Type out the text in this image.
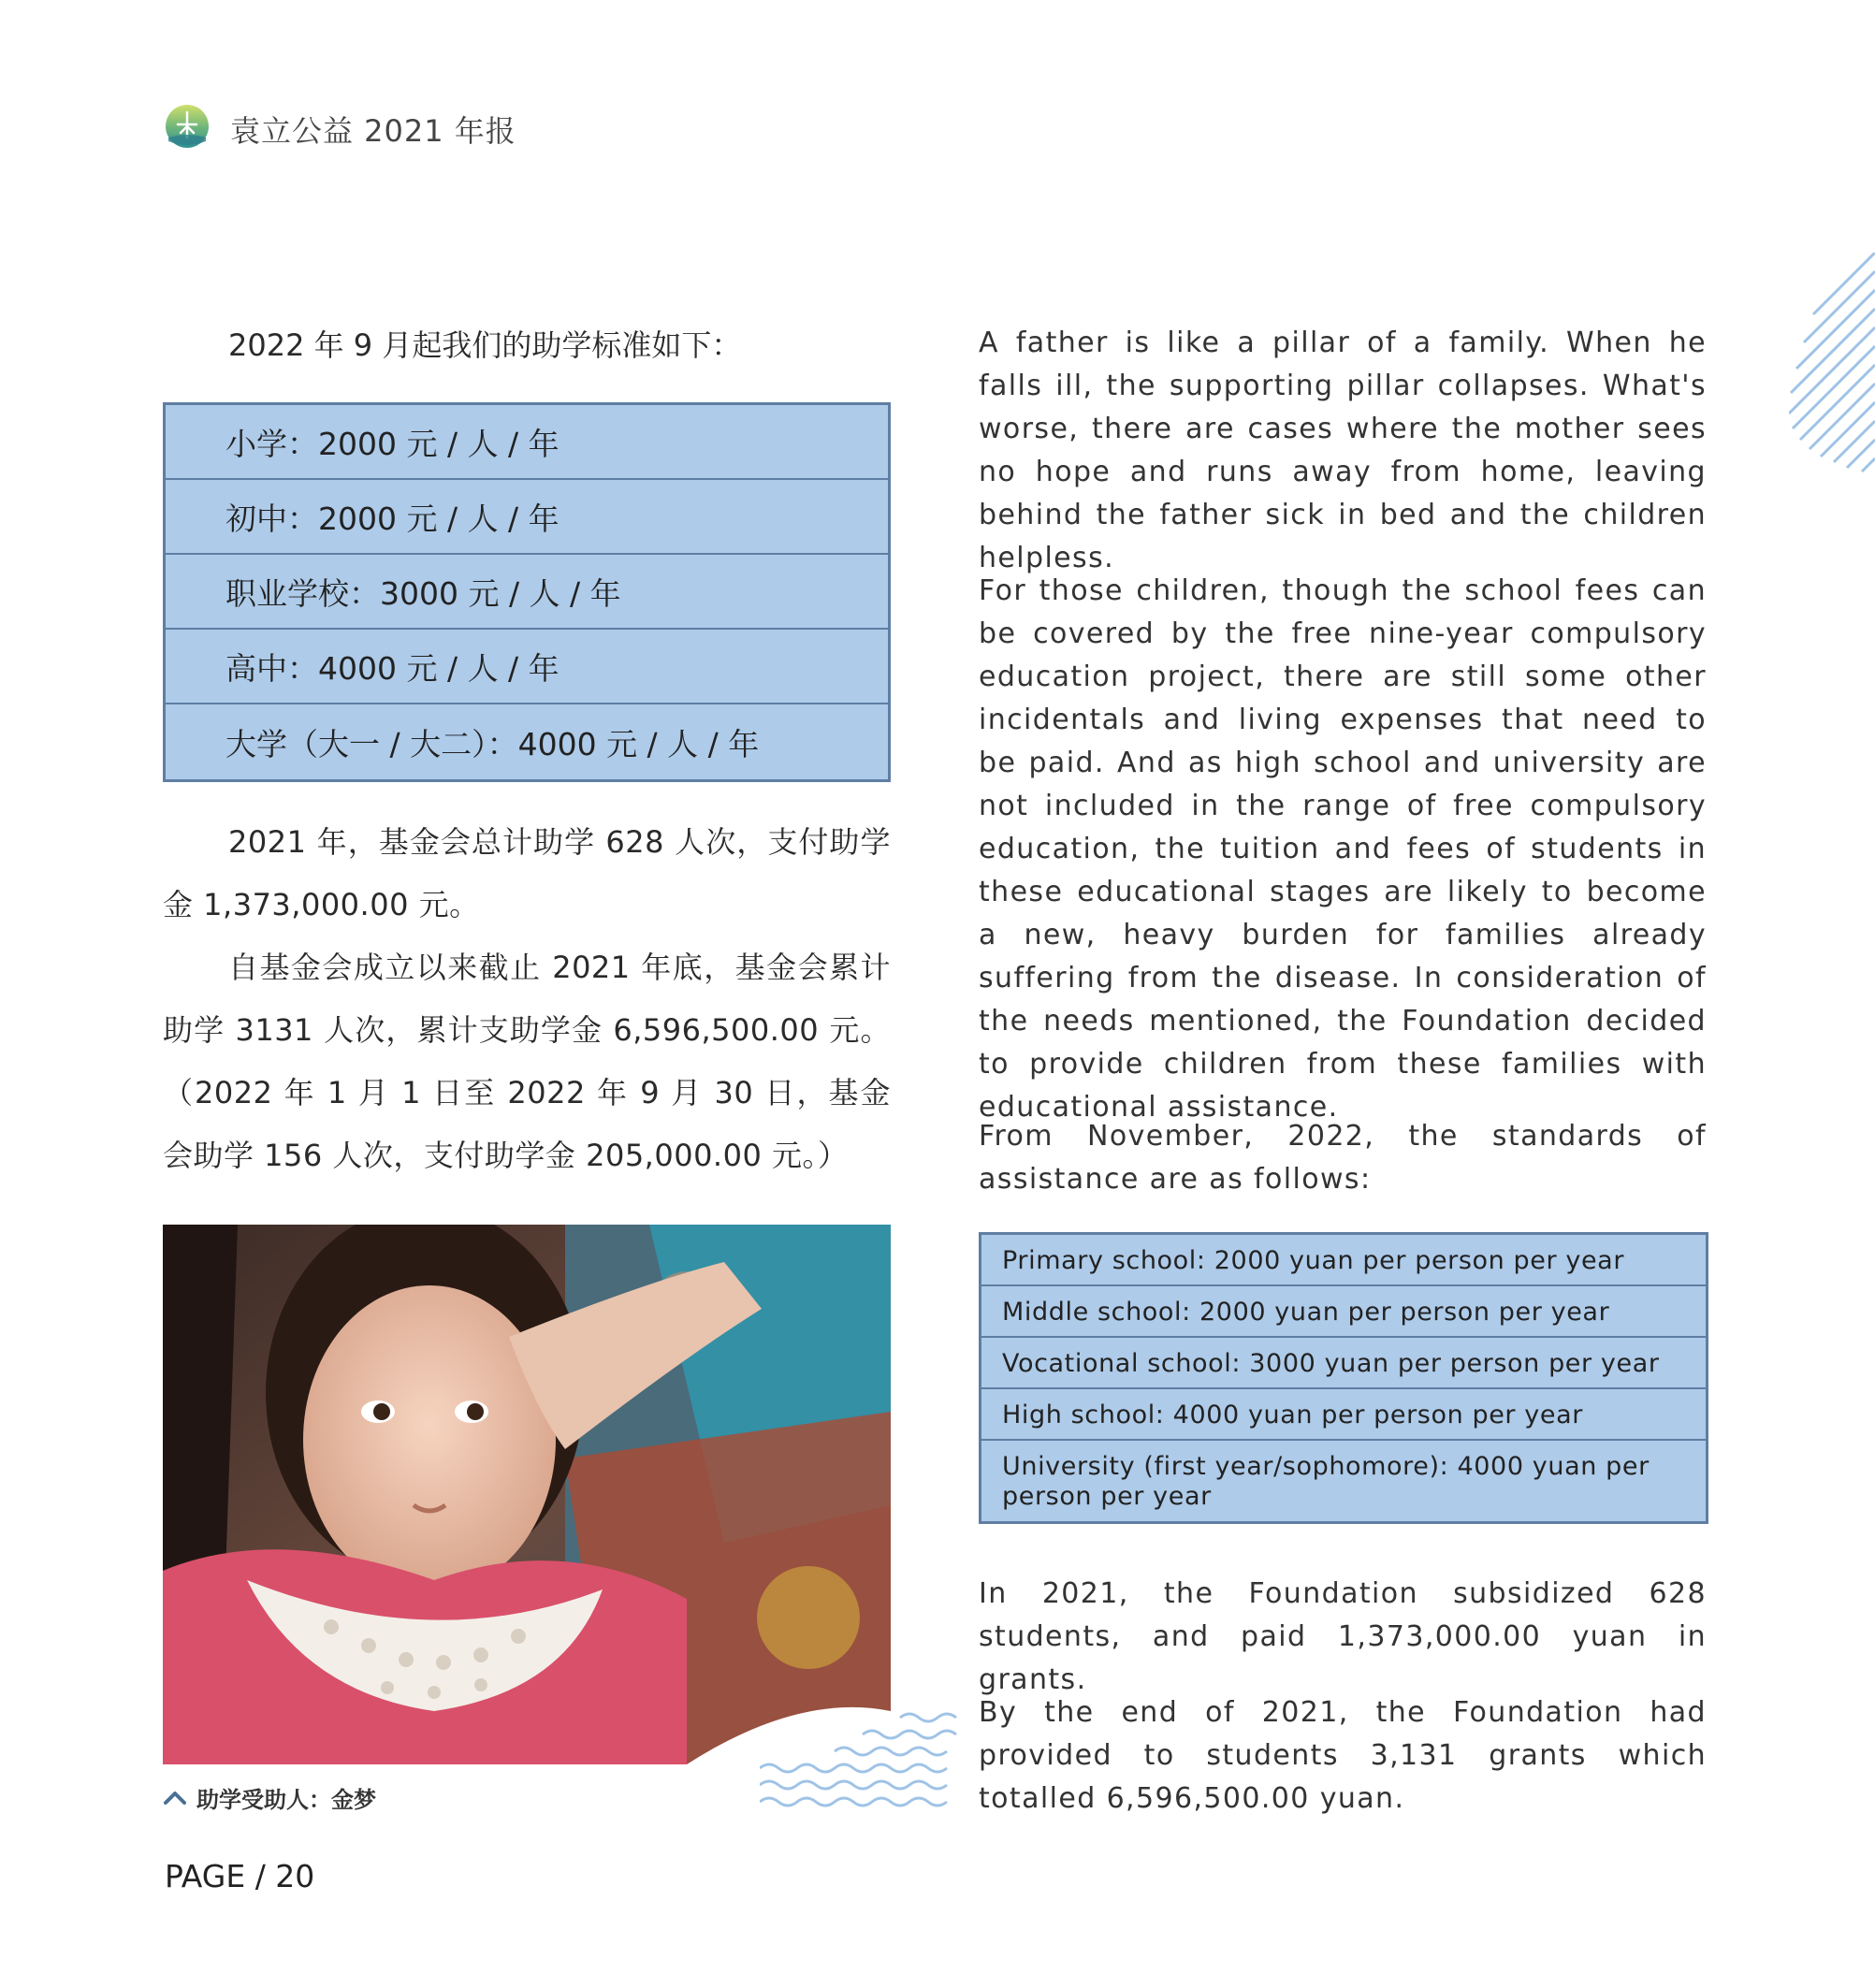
袁立公益 2021 年报
2022 年 9 月起我们的助学标准如下：
小学：2000 元 / 人 / 年
初中：2000 元 / 人 / 年
职业学校：3000 元 / 人 / 年
高中：4000 元 / 人 / 年
大学（大一 / 大二）：4000 元 / 人 / 年
2021 年，基金会总计助学 628 人次，支付助学金 1,373,000.00 元。
自基金会成立以来截止 2021 年底，基金会累计助学 3131 人次，累计支助学金 6,596,500.00 元。（2022 年 1 月 1 日至 2022 年 9 月 30 日，基金会助学 156 人次，支付助学金 205,000.00 元。）
助学受助人：金梦
PAGE / 20
A father is like a pillar of a family. When he falls ill, the supporting pillar collapses. What's worse, there are cases where the mother sees no hope and runs away from home, leaving behind the father sick in bed and the children helpless.
For those children, though the school fees can be covered by the free nine-year compulsory education project, there are still some other incidentals and living expenses that need to be paid. And as high school and university are not included in the range of free compulsory education, the tuition and fees of students in these educational stages are likely to become a new, heavy burden for families already suffering from the disease. In consideration of the needs mentioned, the Foundation decided to provide children from these families with educational assistance.
From November, 2022, the standards of assistance are as follows:
Primary school: 2000 yuan per person per year
Middle school: 2000 yuan per person per year
Vocational school: 3000 yuan per person per year
High school: 4000 yuan per person per year
University (first year/sophomore): 4000 yuan per person per year
In 2021, the Foundation subsidized 628 students, and paid 1,373,000.00 yuan in grants.
By the end of 2021, the Foundation had provided to students 3,131 grants which totalled 6,596,500.00 yuan.
